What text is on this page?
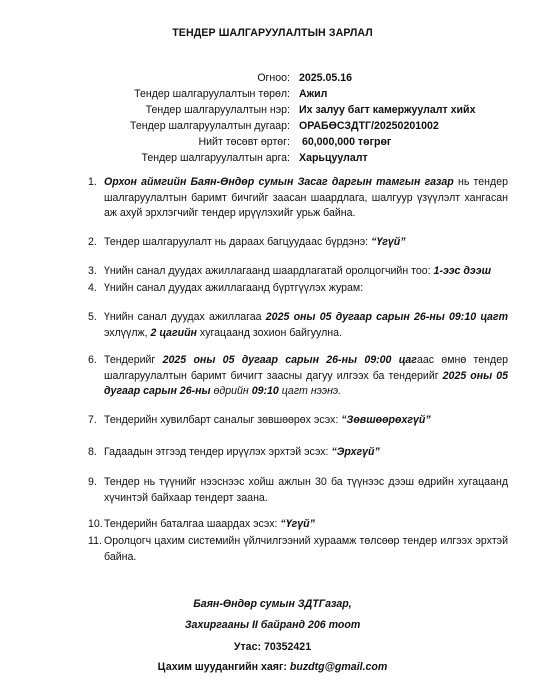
ТЕНДЕР ШАЛГАРУУЛАЛТЫН ЗАРЛАЛ
Огноо: 2025.05.16
Тендер шалгаруулалтын төрөл: Ажил
Тендер шалгаруулалтын нэр: Их залуу багт камержуулалт хийх
Тендер шалгаруулалтын дугаар: ОРАБӨСЗДТГ/20250201002
Нийт төсөвт өртөг: 60,000,000 төгрөг
Тендер шалгаруулалтын арга: Харьцуулалт
1. Орхон аймгийн Баян-Өндөр сумын Засаг даргын тамгын газар нь тендер шалгаруулалтын баримт бичгийг заасан шаардлага, шалгуур үзүүлэлт хангасан аж ахуй эрхлэгчийг тендер ирүүлэхийг урьж байна.
2. Тендер шалгаруулалт нь дараах багцуудаас бүрдэнэ: “Үгүй”
3. Үнийн санал дуудах ажиллагаанд шаардлагатай оролцогчийн тоо: 1-ээс дээш
4. Үнийн санал дуудах ажиллагаанд бүртгүүлэх журам:
5. Үнийн санал дуудах ажиллагаа 2025 оны 05 дугаар сарын 26-ны 09:10 цагт эхлүүлж, 2 цагийн хугацаанд зохион байгуулна.
6. Тендерийг 2025 оны 05 дугаар сарын 26-ны 09:00 цагаас өмнө тендер шалгаруулалтын баримт бичигт заасны дагуу илгээх ба тендерийг 2025 оны 05 дугаар сарын 26-ны өдрийн 09:10 цагт нээнэ.
7. Тендерийн хувилбарт саналыг зөвшөөрөх эсэх: “Зөвшөөрөхгүй”
8. Гадаадын этгээд тендер ирүүлэх эрхтэй эсэх: “Эрхгүй”
9. Тендер нь түүнийг нээснээс хойш ажлын 30 ба түүнээс дээш өдрийн хугацаанд хүчинтэй байхаар тендерт заана.
10. Тендерийн баталгаа шаардах эсэх: “Үгүй”
11. Оролцогч цахим системийн үйлчилгээний хураамж төлсөөр тендер илгээх эрхтэй байна.
Баян-Өндөр сумын ЗДТГазар,
Захиргааны II байранд 206 тоот
Утас: 70352421
Цахим шуудангийн хаяг: buzdtg@gmail.com
